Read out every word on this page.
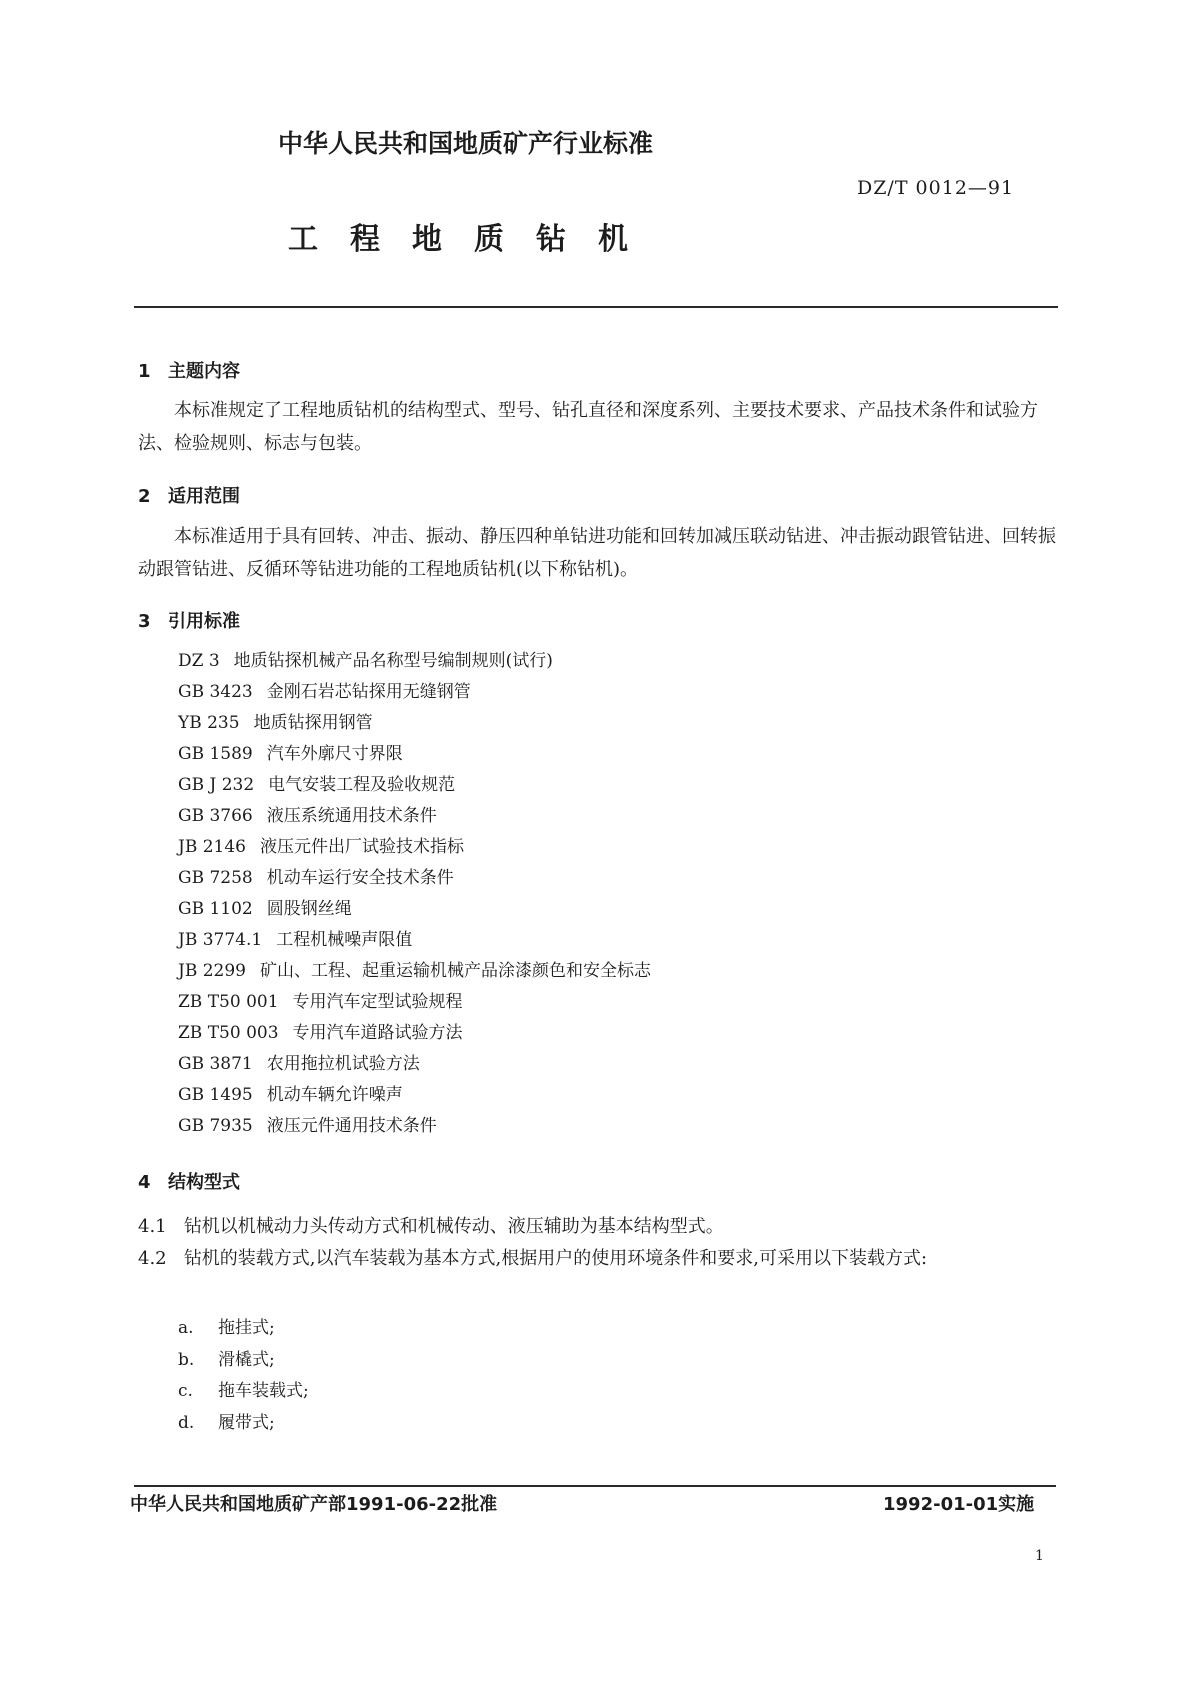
中华人民共和国地质矿产行业标准
DZ/T 0012—91
工程地质钻机
1 主题内容
本标准规定了工程地质钻机的结构型式、型号、钻孔直径和深度系列、主要技术要求、产品技术条件和试验方法、检验规则、标志与包装。
2 适用范围
本标准适用于具有回转、冲击、振动、静压四种单钻进功能和回转加减压联动钻进、冲击振动跟管钻进、回转振动跟管钻进、反循环等钻进功能的工程地质钻机(以下称钻机)。
3 引用标准
DZ 3 地质钻探机械产品名称型号编制规则(试行)
GB 3423 金刚石岩芯钻探用无缝钢管
YB 235 地质钻探用钢管
GB 1589 汽车外廓尺寸界限
GB J 232 电气安装工程及验收规范
GB 3766 液压系统通用技术条件
JB 2146 液压元件出厂试验技术指标
GB 7258 机动车运行安全技术条件
GB 1102 圆股钢丝绳
JB 3774.1 工程机械噪声限值
JB 2299 矿山、工程、起重运输机械产品涂漆颜色和安全标志
ZB T50 001 专用汽车定型试验规程
ZB T50 003 专用汽车道路试验方法
GB 3871 农用拖拉机试验方法
GB 1495 机动车辆允许噪声
GB 7935 液压元件通用技术条件
4 结构型式
4.1 钻机以机械动力头传动方式和机械传动、液压辅助为基本结构型式。
4.2 钻机的装载方式,以汽车装载为基本方式,根据用户的使用环境条件和要求,可采用以下装载方式:
a. 拖挂式;
b. 滑橇式;
c. 拖车装载式;
d. 履带式;
中华人民共和国地质矿产部1991-06-22批准	1992-01-01实施
1
